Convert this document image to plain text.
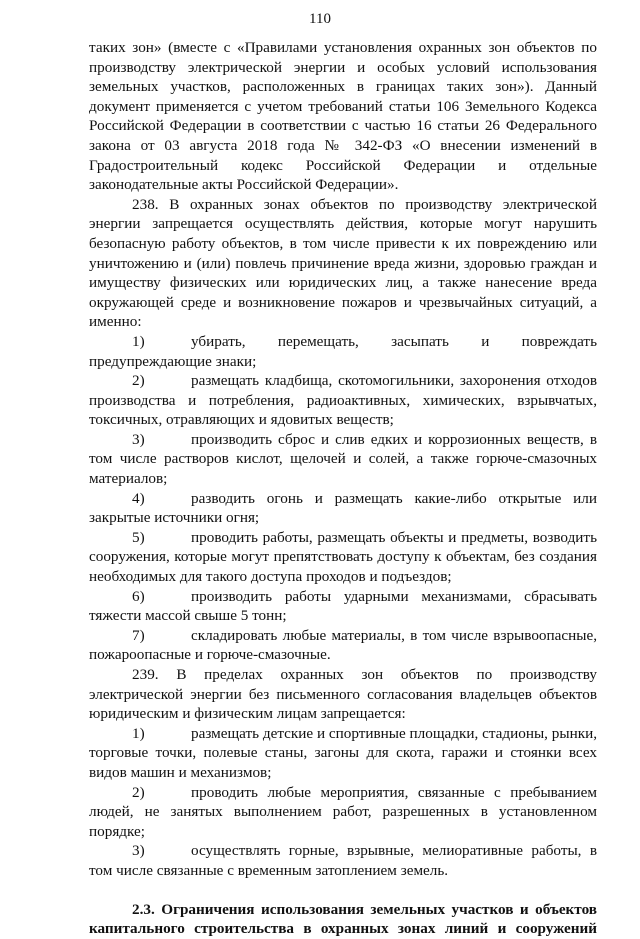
110

таких зон» (вместе с «Правилами установления охранных зон объектов по производству электрической энергии и особых условий использования земельных участков, расположенных в границах таких зон»). Данный документ применяется с учетом требований статьи 106 Земельного Кодекса Российской Федерации в соответствии с частью 16 статьи 26 Федерального закона от 03 августа 2018 года № 342-ФЗ «О внесении изменений в Градостроительный кодекс Российской Федерации и отдельные законодательные акты Российской Федерации».

238. В охранных зонах объектов по производству электрической энергии запрещается осуществлять действия, которые могут нарушить безопасную работу объектов, в том числе привести к их повреждению или уничтожению и (или) повлечь причинение вреда жизни, здоровью граждан и имуществу физических или юридических лиц, а также нанесение вреда окружающей среде и возникновение пожаров и чрезвычайных ситуаций, а именно:

1)	убирать, перемещать, засыпать и повреждать предупреждающие знаки;

2)	размещать кладбища, скотомогильники, захоронения отходов производства и потребления, радиоактивных, химических, взрывчатых, токсичных, отравляющих и ядовитых веществ;

3)	производить сброс и слив едких и коррозионных веществ, в том числе растворов кислот, щелочей и солей, а также горюче-смазочных материалов;

4)	разводить огонь и размещать какие-либо открытые или закрытые источники огня;

5)	проводить работы, размещать объекты и предметы, возводить сооружения, которые могут препятствовать доступу к объектам, без создания необходимых для такого доступа проходов и подъездов;

6)	производить работы ударными механизмами, сбрасывать тяжести массой свыше 5 тонн;

7)	складировать любые материалы, в том числе взрывоопасные, пожароопасные и горюче-смазочные.

239. В пределах охранных зон объектов по производству электрической энергии без письменного согласования владельцев объектов юридическим и физическим лицам запрещается:

1)	размещать детские и спортивные площадки, стадионы, рынки, торговые точки, полевые станы, загоны для скота, гаражи и стоянки всех видов машин и механизмов;

2)	проводить любые мероприятия, связанные с пребыванием людей, не занятых выполнением работ, разрешенных в установленном порядке;

3)	осуществлять горные, взрывные, мелиоративные работы, в том числе связанные с временным затоплением земель.

2.3. Ограничения использования земельных участков и объектов капитального строительства в охранных зонах линий и сооружений
